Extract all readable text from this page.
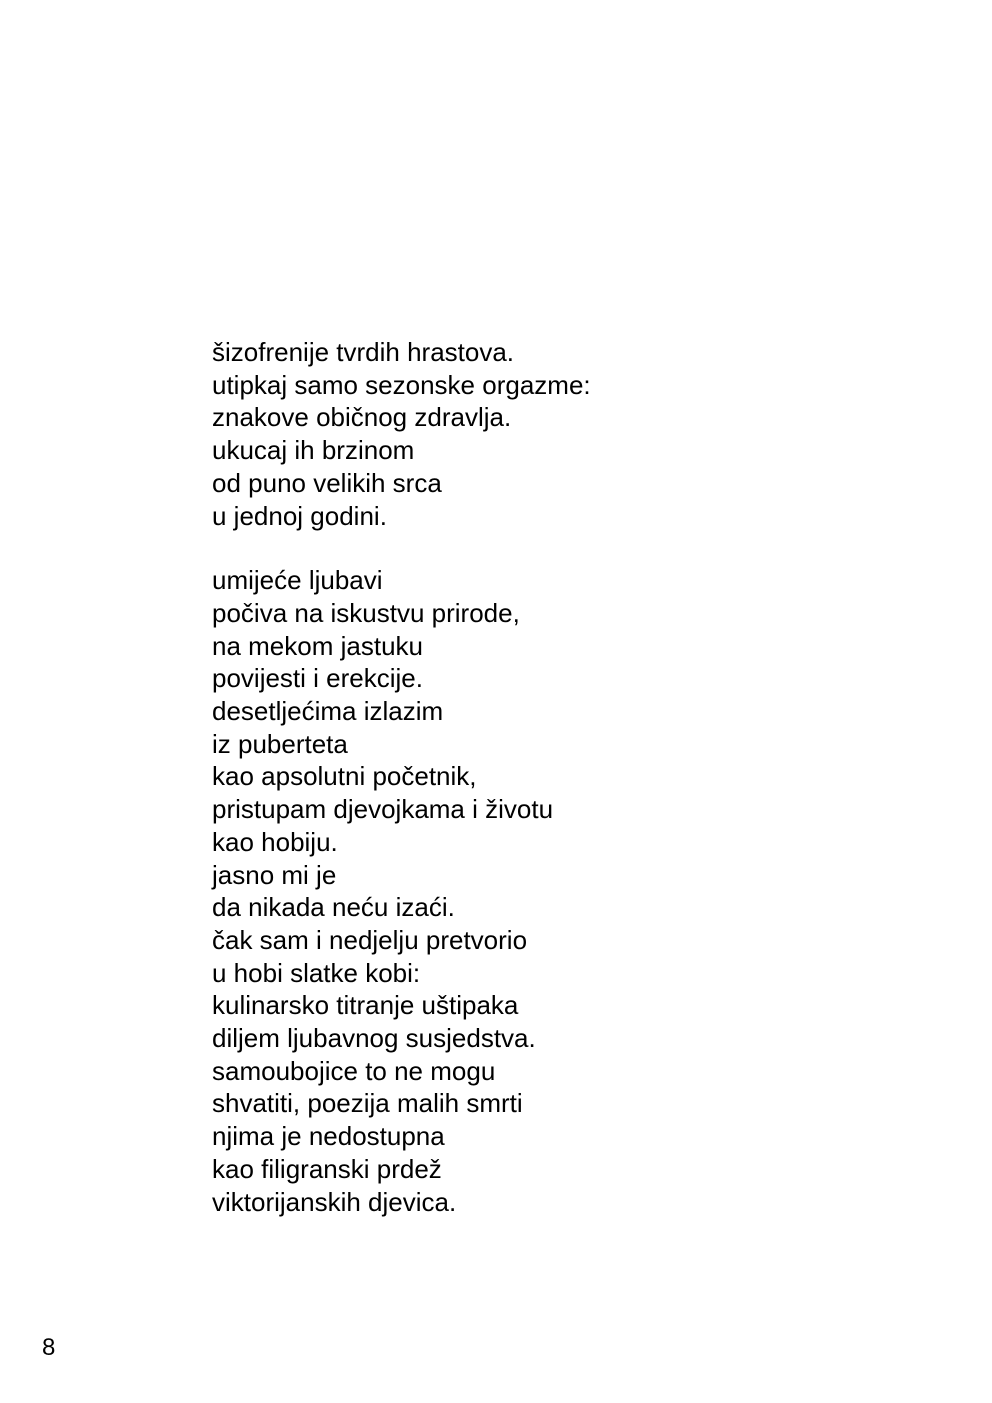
šizofrenije tvrdih hrastova.
utipkaj samo sezonske orgazme:
znakove običnog zdravlja.
ukucaj ih brzinom
od puno velikih srca
u jednoj godini.
umijeće ljubavi
počiva na iskustvu prirode,
na mekom jastuku
povijesti i erekcije.
desetljećima izlazim
iz puberteta
kao apsolutni početnik,
pristupam djevojkama i životu
kao hobiju.
jasno mi je
da nikada neću izaći.
čak sam i nedjelju pretvorio
u hobi slatke kobi:
kulinarsko titranje uštipaka
diljem ljubavnog susjedstva.
samoubojice to ne mogu
shvatiti, poezija malih smrti
njima je nedostupna
kao filigranski prdež
viktorijanskih djevica.
8
